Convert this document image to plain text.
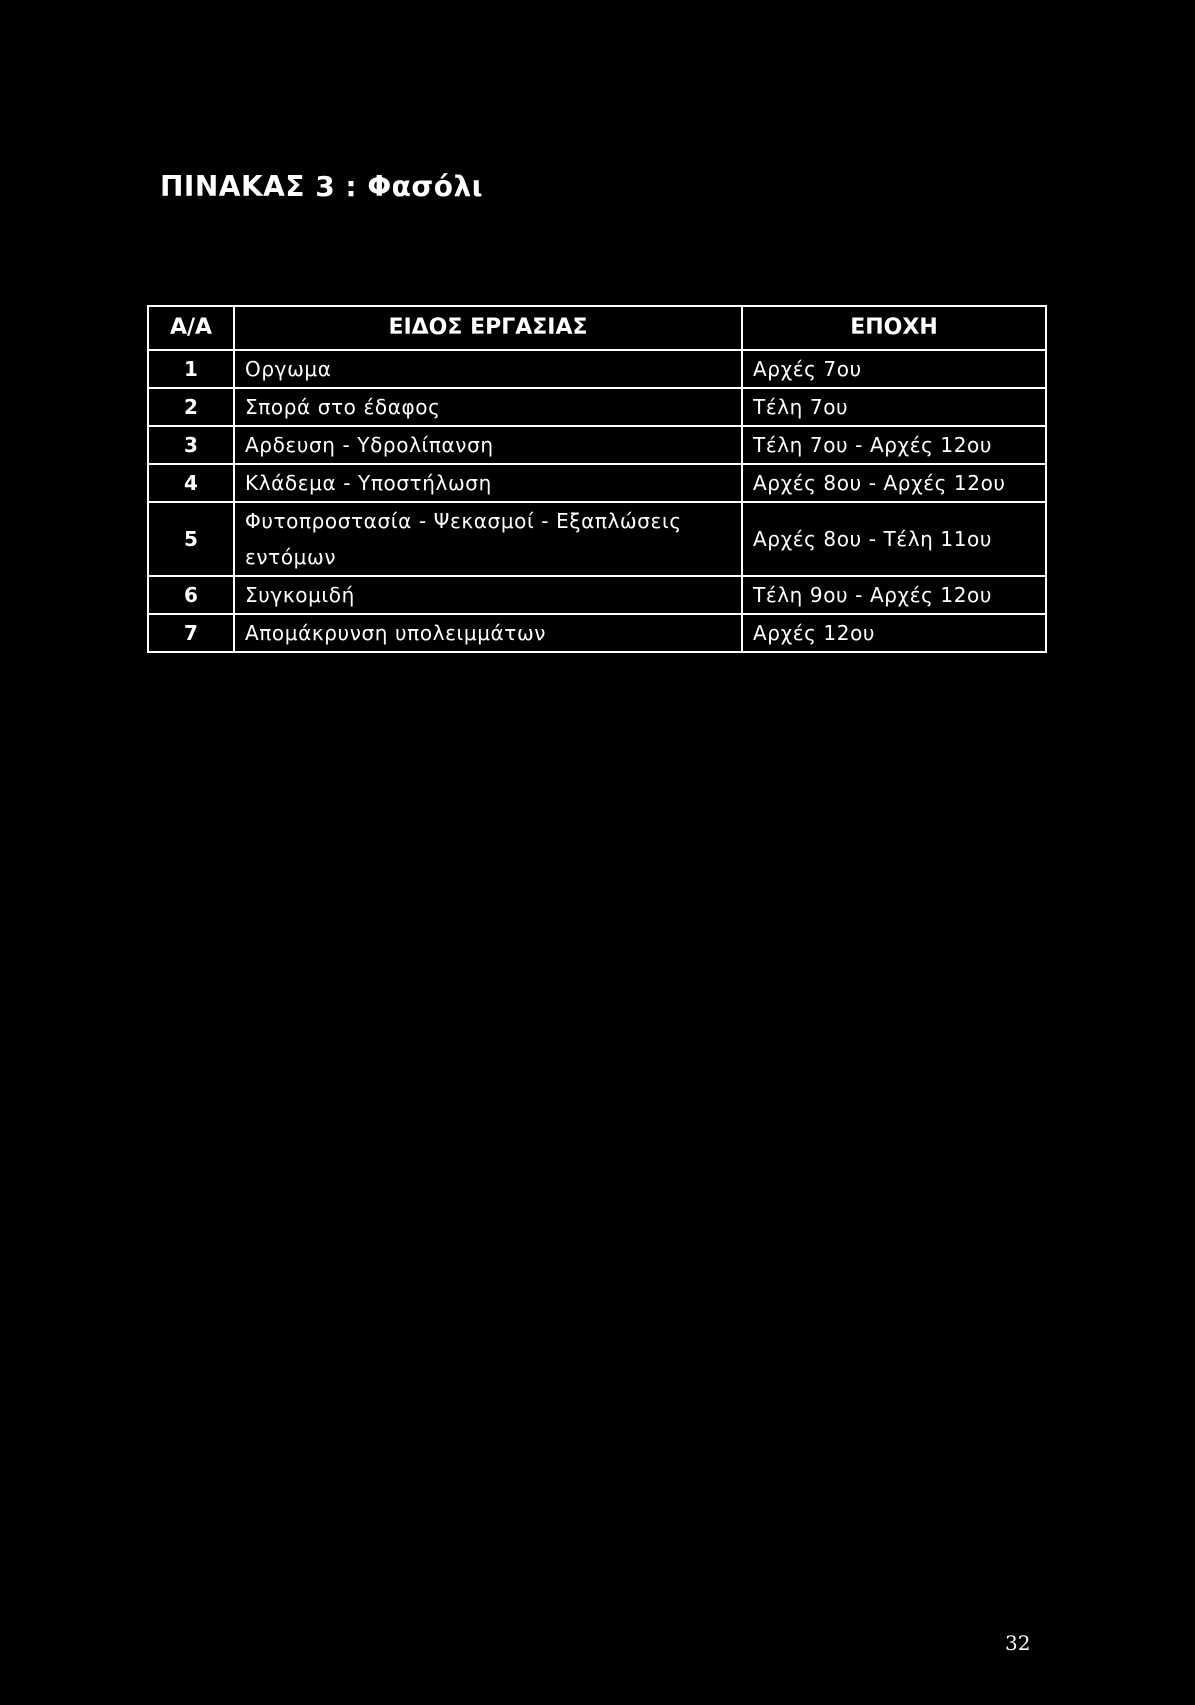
ΠΙΝΑΚΑΣ 3 : Φασόλι
Α/Α	ΕΙΔΟΣ ΕΡΓΑΣΙΑΣ	ΕΠΟΧΗ
1	Οργωμα	Αρχές 7ου
2	Σπορά στο έδαφος	Τέλη 7ου
3	Αρδευση - Υδρολίπανση	Τέλη 7ου - Αρχές 12ου
4	Κλάδεμα - Υποστήλωση	Αρχές 8ου - Αρχές 12ου
5	Φυτοπροστασία - Ψεκασμοί - Εξαπλώσεις εντόμων	Αρχές 8ου - Τέλη 11ου
6	Συγκομιδή	Τέλη 9ου - Αρχές 12ου
7	Απομάκρυνση υπολειμμάτων	Αρχές 12ου
32
